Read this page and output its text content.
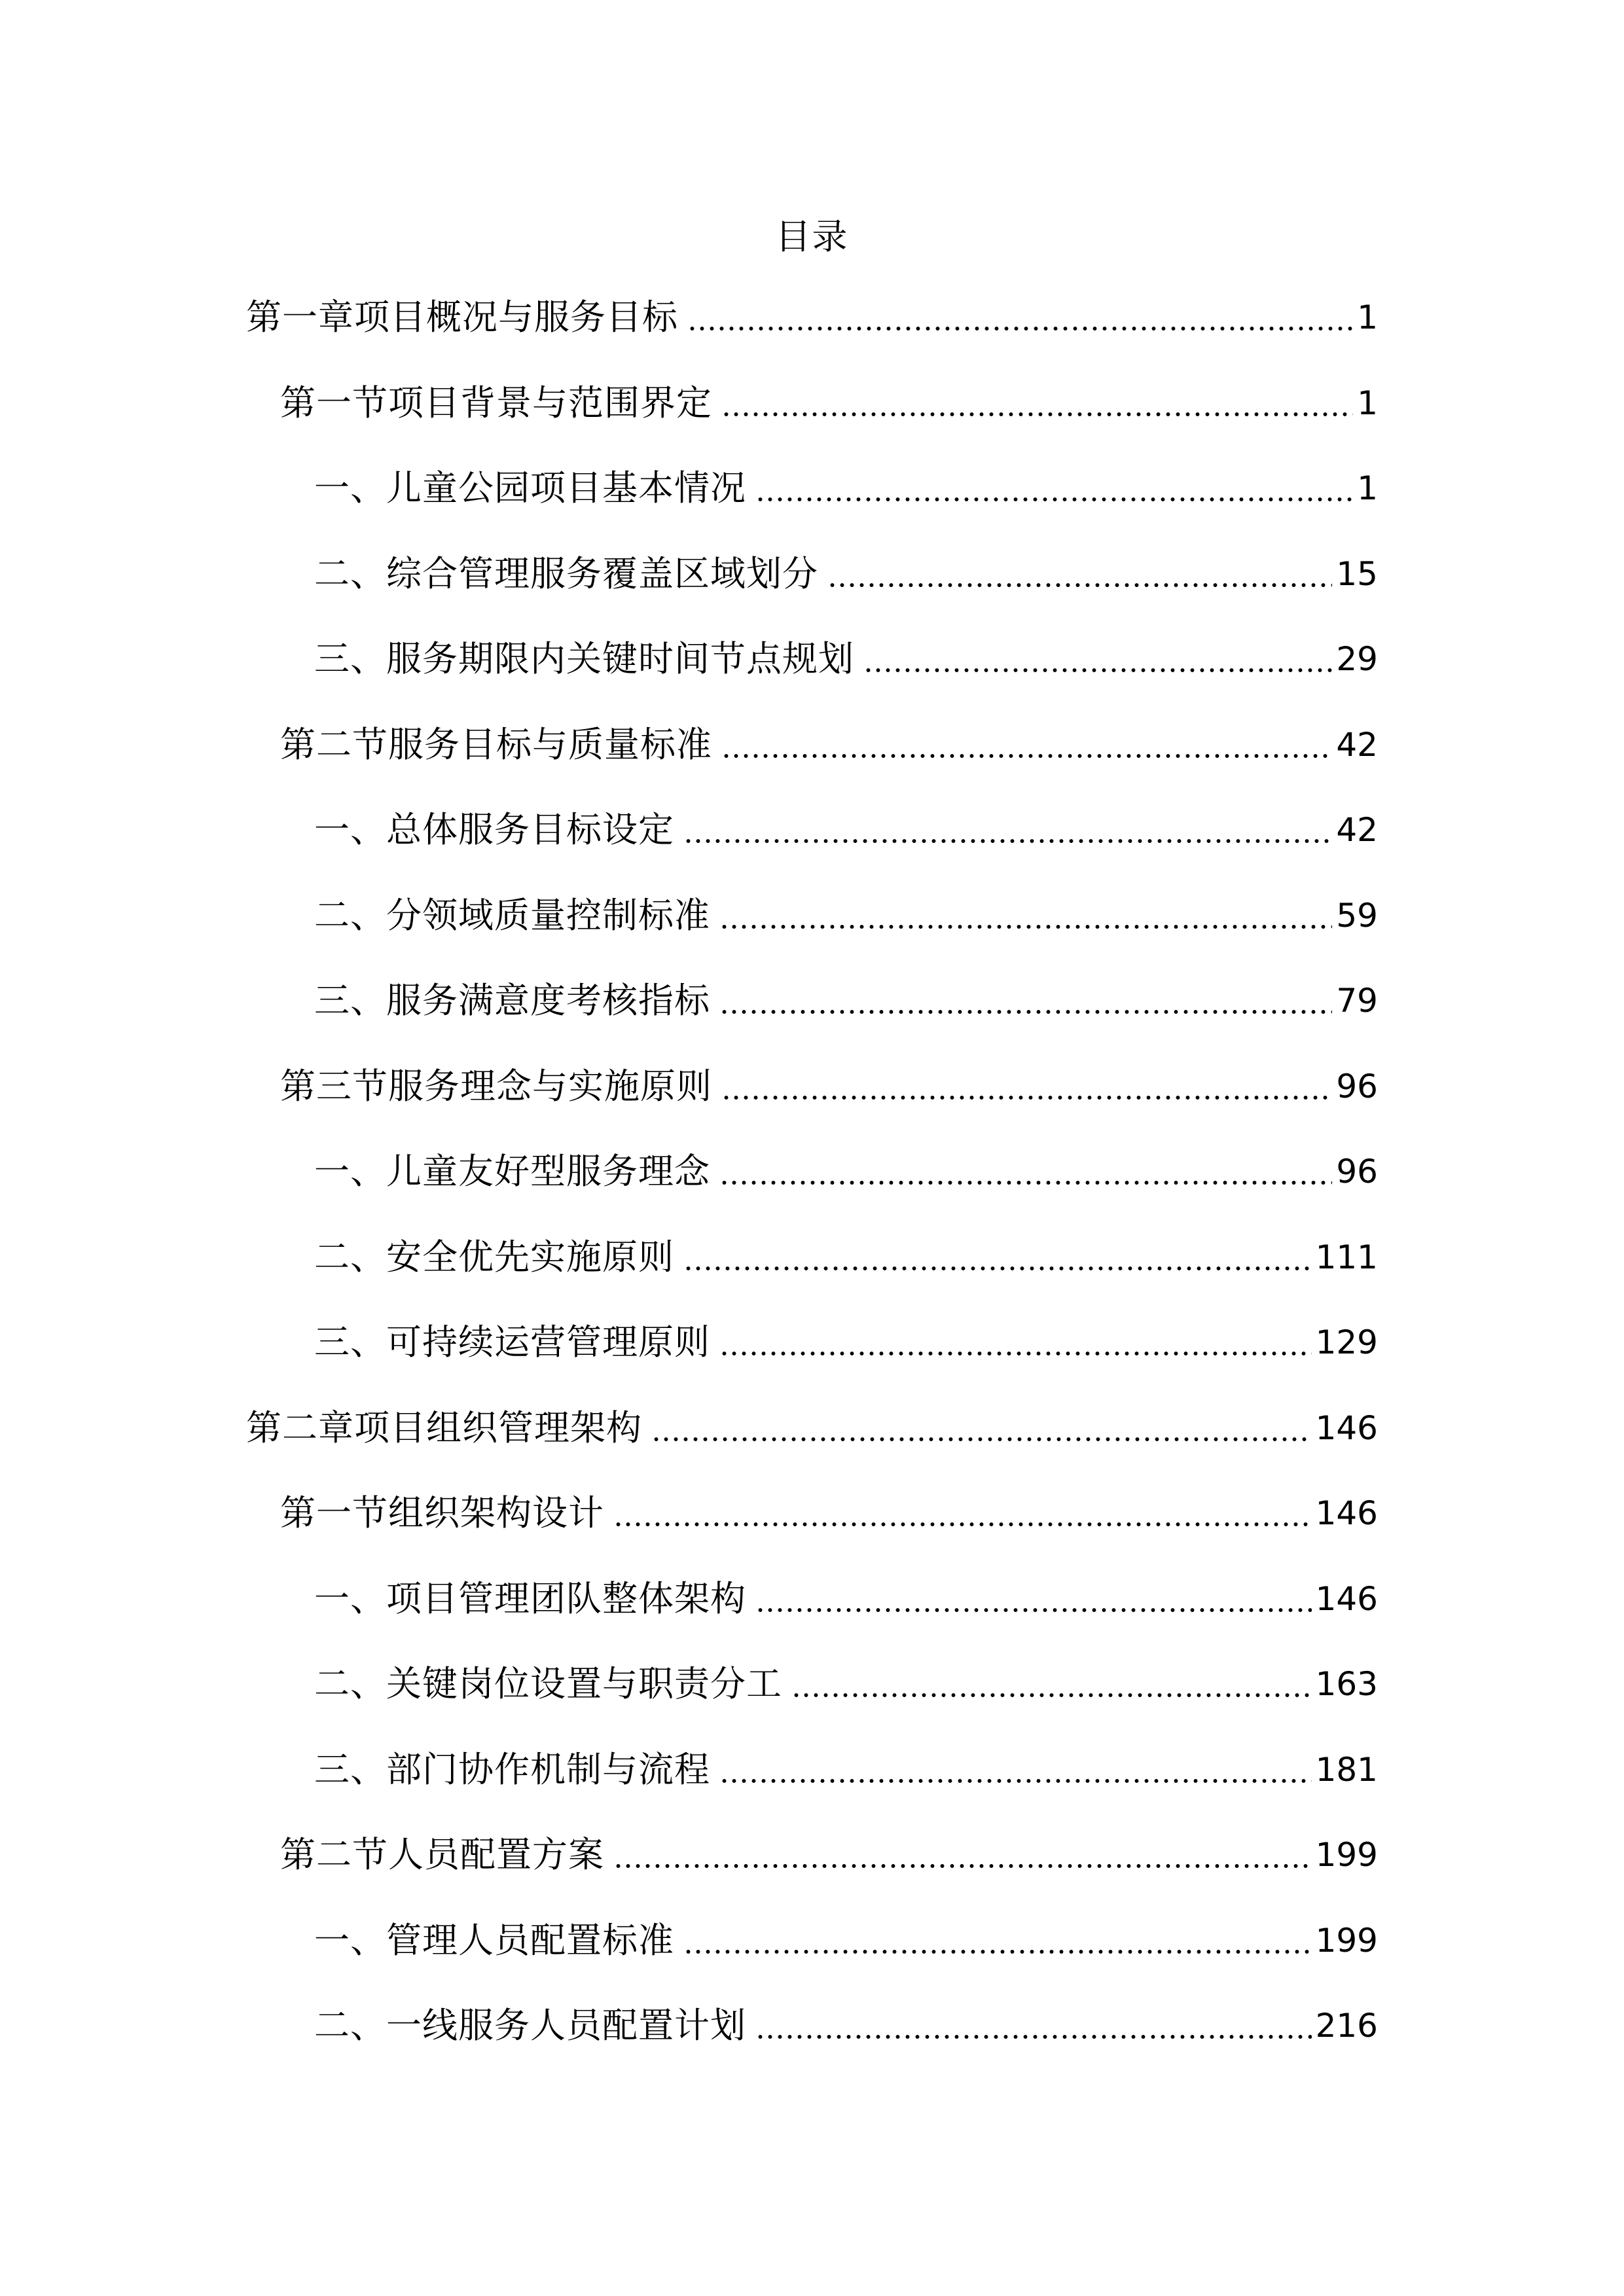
目录
第一章项目概况与服务目标	1
第一节项目背景与范围界定	1
一、儿童公园项目基本情况	1
二、综合管理服务覆盖区域划分	15
三、服务期限内关键时间节点规划	29
第二节服务目标与质量标准	42
一、总体服务目标设定	42
二、分领域质量控制标准	59
三、服务满意度考核指标	79
第三节服务理念与实施原则	96
一、儿童友好型服务理念	96
二、安全优先实施原则	111
三、可持续运营管理原则	129
第二章项目组织管理架构	146
第一节组织架构设计	146
一、项目管理团队整体架构	146
二、关键岗位设置与职责分工	163
三、部门协作机制与流程	181
第二节人员配置方案	199
一、管理人员配置标准	199
二、一线服务人员配置计划	216
